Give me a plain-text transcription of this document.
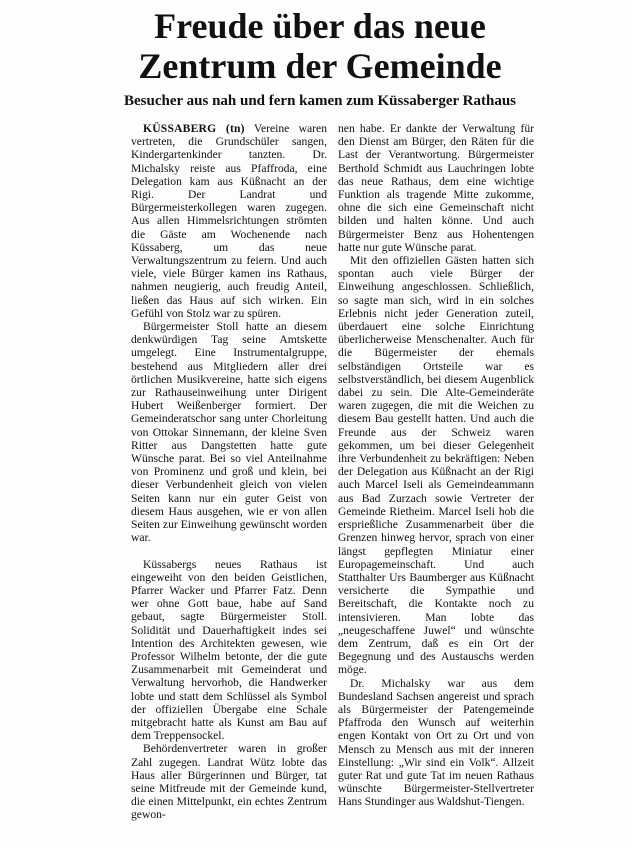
Freude über das neue
Zentrum der Gemeinde
Besucher aus nah und fern kamen zum Küssaberger Rathaus

KÜSSABERG (tn) Vereine waren vertreten, die Grundschüler sangen, Kindergartenkinder tanzten. Dr. Michalsky reiste aus Pfaffroda, eine Delegation kam aus Küßnacht an der Rigi. Der Landrat und Bürgermeisterkollegen waren zugegen. Aus allen Himmelsrichtungen strömten die Gäste am Wochenende nach Küssaberg, um das neue Verwaltungszentrum zu feiern. Und auch viele, viele Bürger kamen ins Rathaus, nahmen neugierig, auch freudig Anteil, ließen das Haus auf sich wirken. Ein Gefühl von Stolz war zu spüren.

Bürgermeister Stoll hatte an diesem denkwürdigen Tag seine Amtskette umgelegt. Eine Instrumentalgruppe, bestehend aus Mitgliedern aller drei örtlichen Musikvereine, hatte sich eigens zur Rathauseinweihung unter Dirigent Hubert Weißenberger formiert. Der Gemeinderatschor sang unter Chorleitung von Ottokar Sinnemann, der kleine Sven Ritter aus Dangstetten hatte gute Wünsche parat. Bei so viel Anteilnahme von Prominenz und groß und klein, bei dieser Verbundenheit gleich von vielen Seiten kann nur ein guter Geist von diesem Haus ausgehen, wie er von allen Seiten zur Einweihung gewünscht worden war.

Küssabergs neues Rathaus ist eingeweiht von den beiden Geistlichen, Pfarrer Wacker und Pfarrer Fatz. Denn wer ohne Gott baue, habe auf Sand gebaut, sagte Bürgermeister Stoll. Solidität und Dauerhaftigkeit indes sei Intention des Architekten gewesen, wie Professor Wilhelm betonte, der die gute Zusammenarbeit mit Gemeinderat und Verwaltung hervorhob, die Handwerker lobte und statt dem Schlüssel als Symbol der offiziellen Übergabe eine Schale mitgebracht hatte als Kunst am Bau auf dem Treppensockel.

Behördenvertreter waren in großer Zahl zugegen. Landrat Wütz lobte das Haus aller Bürgerinnen und Bürger, tat seine Mitfreude mit der Gemeinde kund, die einen Mittelpunkt, ein echtes Zentrum gewon-

nen habe. Er dankte der Verwaltung für den Dienst am Bürger, den Räten für die Last der Verantwortung. Bürgermeister Berthold Schmidt aus Lauchringen lobte das neue Rathaus, dem eine wichtige Funktion als tragende Mitte zukomme, ohne die sich eine Gemeinschaft nicht bilden und halten könne. Und auch Bürgermeister Benz aus Hohentengen hatte nur gute Wünsche parat.

Mit den offiziellen Gästen hatten sich spontan auch viele Bürger der Einweihung angeschlossen. Schließlich, so sagte man sich, wird in ein solches Erlebnis nicht jeder Generation zuteil, überdauert eine solche Einrichtung überlicherweise Menschenalter. Auch für die Bügermeister der ehemals selbständigen Ortsteile war es selbstverständlich, bei diesem Augenblick dabei zu sein. Die Alte-Gemeinderäte waren zugegen, die mit die Weichen zu diesem Bau gestellt hatten. Und auch die Freunde aus der Schweiz waren gekommen, um bei dieser Gelegenheit ihre Verbundenheit zu bekräftigen: Neben der Delegation aus Küßnacht an der Rigi auch Marcel Iseli als Gemeindeammann aus Bad Zurzach sowie Vertreter der Gemeinde Rietheim. Marcel Iseli hob die ersprießliche Zusammenarbeit über die Grenzen hinweg hervor, sprach von einer längst gepflegten Miniatur einer Europagemeinschaft. Und auch Statthalter Urs Baumberger aus Küßnacht versicherte die Sympathie und Bereitschaft, die Kontakte noch zu intensivieren. Man lobte das „neugeschaffene Juwel“ und wünschte dem Zentrum, daß es ein Ort der Begegnung und des Austauschs werden möge.

Dr. Michalsky war aus dem Bundesland Sachsen angereist und sprach als Bürgermeister der Patengemeinde Pfaffroda den Wunsch auf weiterhin engen Kontakt von Ort zu Ort und von Mensch zu Mensch aus mit der inneren Einstellung: „Wir sind ein Volk“. Allzeit guter Rat und gute Tat im neuen Rathaus wünschte Bürgermeister-Stellvertreter Hans Stundinger aus Waldshut-Tiengen.
